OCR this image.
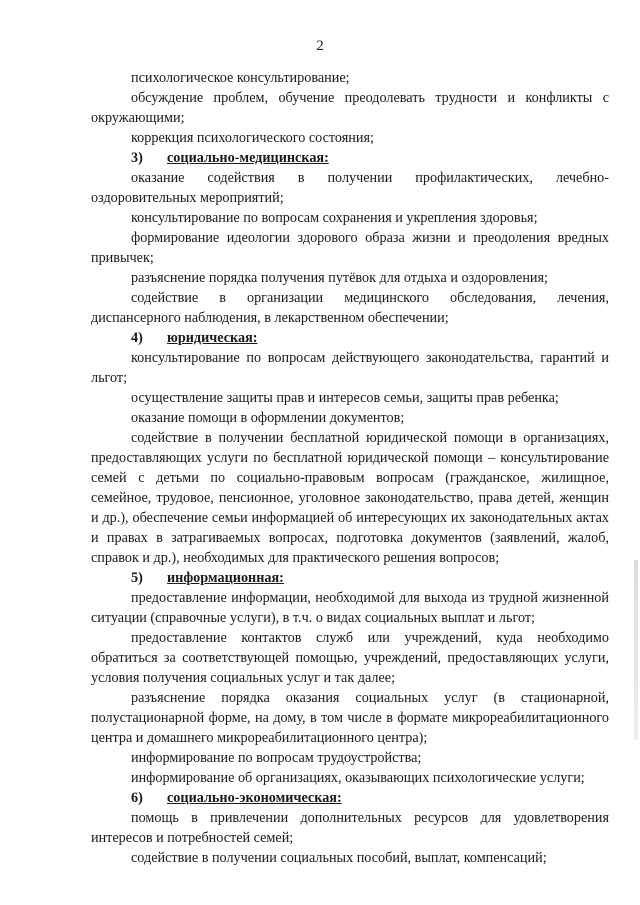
2

психологическое консультирование;

обсуждение проблем, обучение преодолевать трудности и конфликты с окружающими;

коррекция психологического состояния;

3) социально-медицинская:

оказание содействия в получении профилактических, лечебно-оздоровительных мероприятий;

консультирование по вопросам сохранения и укрепления здоровья;

формирование идеологии здорового образа жизни и преодоления вредных привычек;

разъяснение порядка получения путёвок для отдыха и оздоровления;

содействие в организации медицинского обследования, лечения, диспансерного наблюдения, в лекарственном обеспечении;

4) юридическая:

консультирование по вопросам действующего законодательства, гарантий и льгот;

осуществление защиты прав и интересов семьи, защиты прав ребенка;

оказание помощи в оформлении документов;

содействие в получении бесплатной юридической помощи в организациях, предоставляющих услуги по бесплатной юридической помощи – консультирование семей с детьми по социально-правовым вопросам (гражданское, жилищное, семейное, трудовое, пенсионное, уголовное законодательство, права детей, женщин и др.), обеспечение семьи информацией об интересующих их законодательных актах и правах в затрагиваемых вопросах, подготовка документов (заявлений, жалоб, справок и др.), необходимых для практического решения вопросов;

5) информационная:

предоставление информации, необходимой для выхода из трудной жизненной ситуации (справочные услуги), в т.ч. о видах социальных выплат и льгот;

предоставление контактов служб или учреждений, куда необходимо обратиться за соответствующей помощью, учреждений, предоставляющих услуги, условия получения социальных услуг и так далее;

разъяснение порядка оказания социальных услуг (в стационарной, полустационарной форме, на дому, в том числе в формате микрореабилитационного центра и домашнего микрореабилитационного центра);

информирование по вопросам трудоустройства;

информирование об организациях, оказывающих психологические услуги;

6) социально-экономическая:

помощь в привлечении дополнительных ресурсов для удовлетворения интересов и потребностей семей;

содействие в получении социальных пособий, выплат, компенсаций;
